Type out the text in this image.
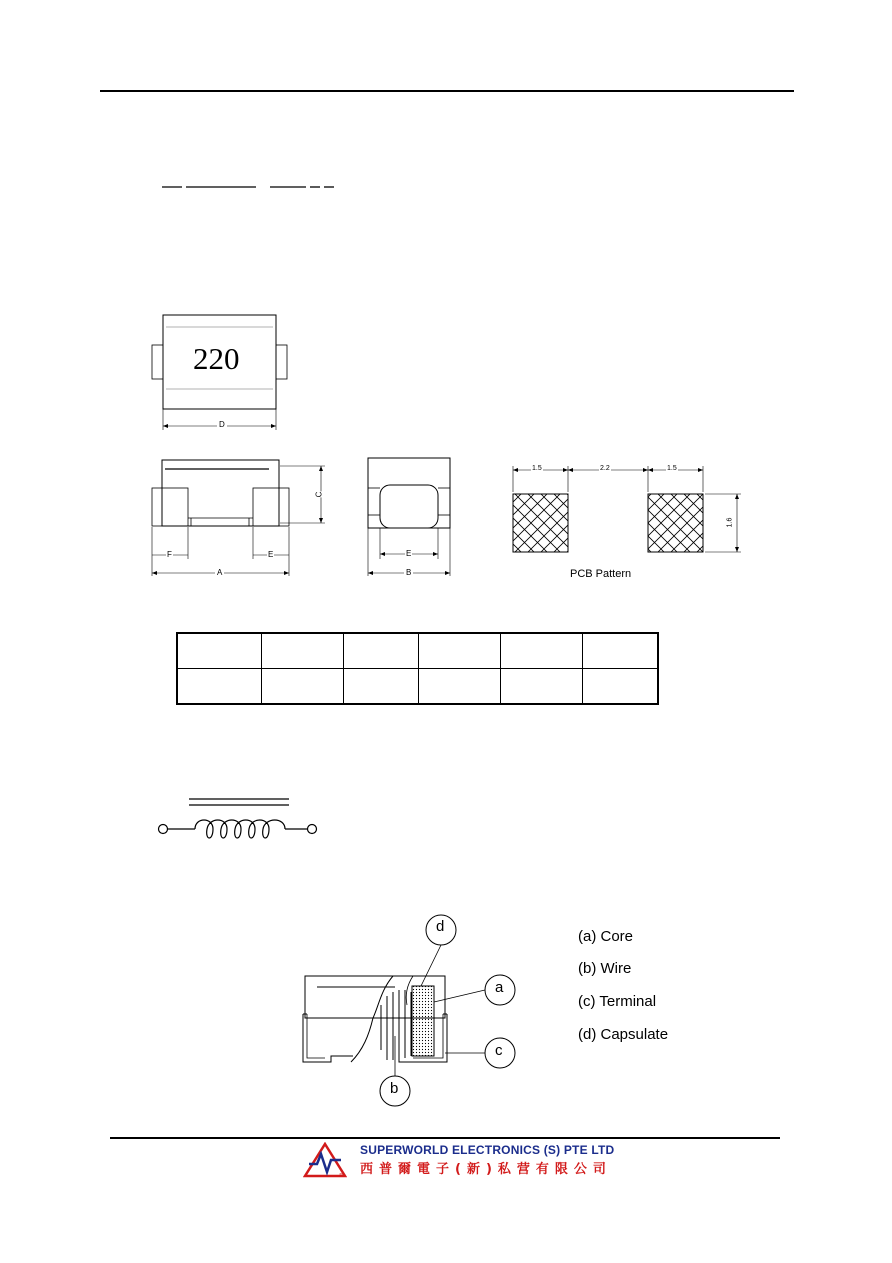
220
D
C
F	E
A
E
B
1.5	2.2	1.5
1.6
PCB Pattern

d
a
c
b
(a) Core
(b) Wire
(c) Terminal
(d) Capsulate
®
SUPERWORLD ELECTRONICS (S) PTE LTD
西普爾電子(新)私营有限公司
